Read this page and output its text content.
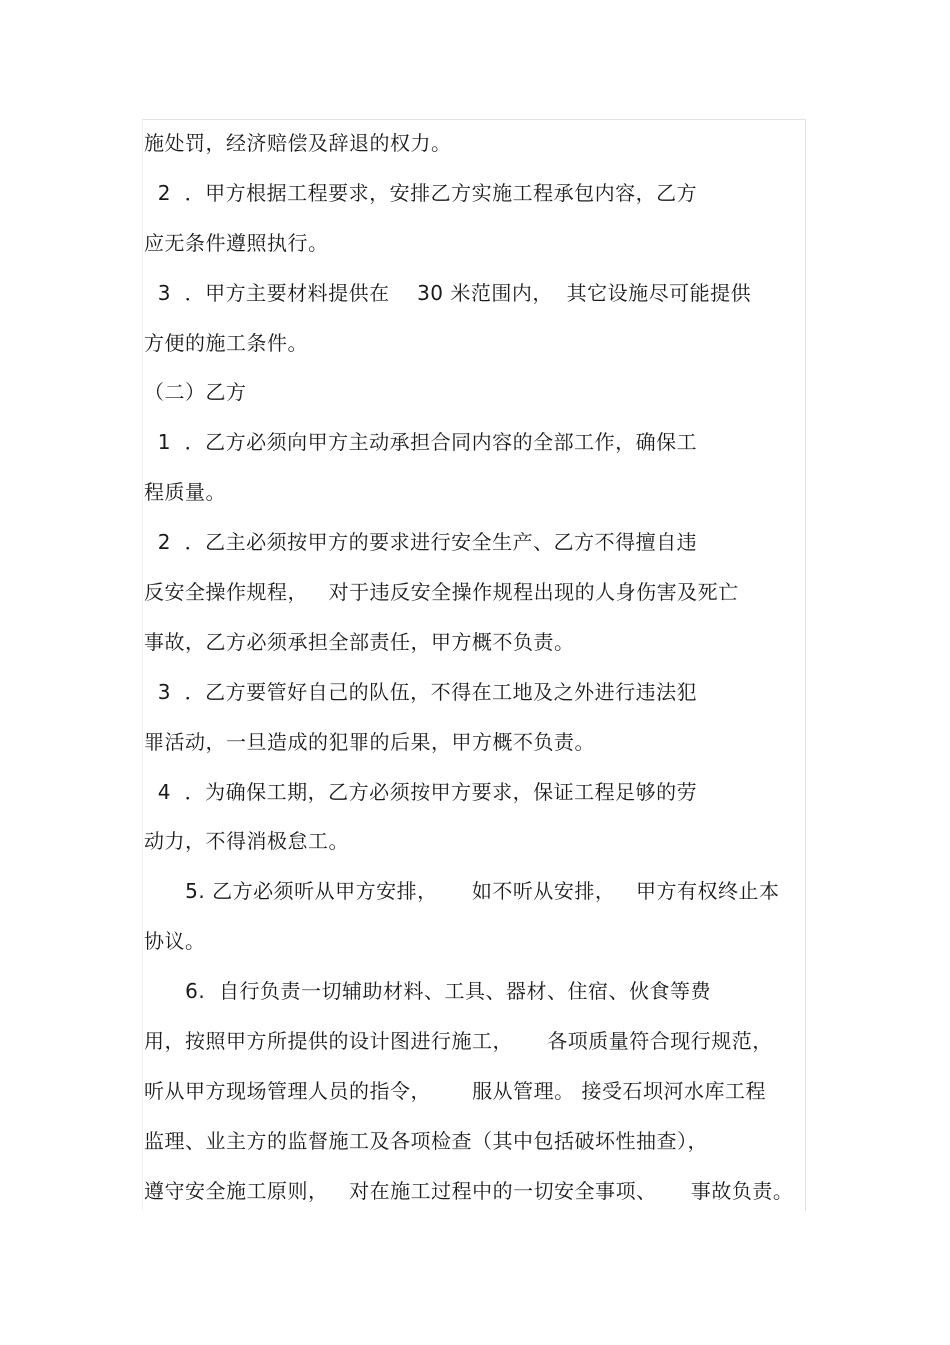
施处罚，经济赔偿及辞退的权力。
2  ．甲方根据工程要求，安排乙方实施工程承包内容，乙方
应无条件遵照执行。
3  ．甲方主要材料提供在    30 米范围内，  其它设施尽可能提供
方便的施工条件。
（二）乙方
1  ．乙方必须向甲方主动承担合同内容的全部工作，确保工
程质量。
2  ．乙主必须按甲方的要求进行安全生产、乙方不得擅自违
反安全操作规程，   对于违反安全操作规程出现的人身伤害及死亡
事故，乙方必须承担全部责任，甲方概不负责。
3  ．乙方要管好自己的队伍，不得在工地及之外进行违法犯
罪活动，一旦造成的犯罪的后果，甲方概不负责。
4  ．为确保工期，乙方必须按甲方要求，保证工程足够的劳
动力，不得消极怠工。
5. 乙方必须听从甲方安排，     如不听从安排，   甲方有权终止本
协议。
6.  自行负责一切辅助材料、工具、器材、住宿、伙食等费
用，按照甲方所提供的设计图进行施工，     各项质量符合现行规范，
听从甲方现场管理人员的指令，      服从管理。 接受石坝河水库工程
监理、业主方的监督施工及各项检查（其中包括破坏性抽查），
遵守安全施工原则，   对在施工过程中的一切安全事项、     事故负责。
